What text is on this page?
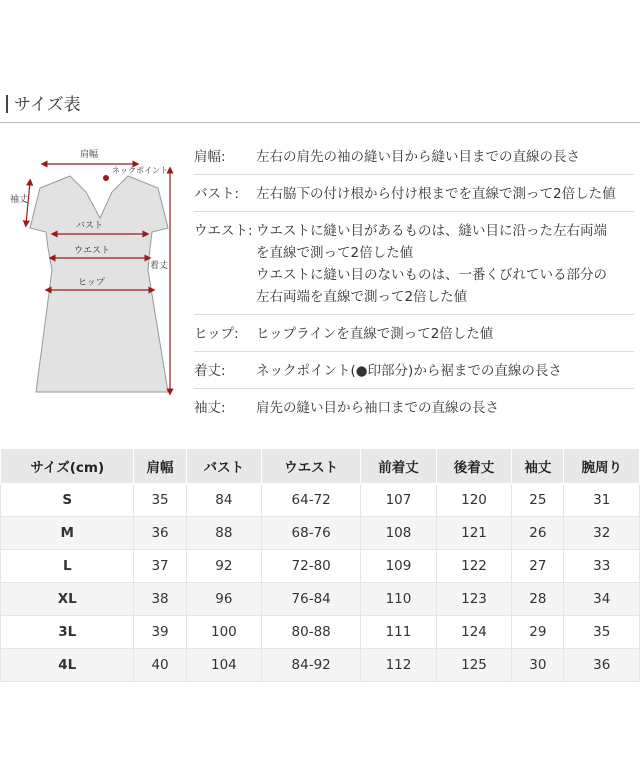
サイズ表
肩幅
ネックポイント
袖丈
バスト
ウエスト
ヒップ
着丈
肩幅:	左右の肩先の袖の縫い目から縫い目までの直線の長さ
バスト:	左右脇下の付け根から付け根までを直線で測って2倍した値
ウエスト: ウエストに縫い目があるものは、縫い目に沿った左右両端
を直線で測って2倍した値
ウエストに縫い目のないものは、一番くびれている部分の
左右両端を直線で測って2倍した値
ヒップ:	ヒップラインを直線で測って2倍した値
着丈:	ネックポイント(●印部分)から裾までの直線の長さ
袖丈:	肩先の縫い目から袖口までの直線の長さ
サイズ(cm)	肩幅	バスト	ウエスト	前着丈	後着丈	袖丈	腕周り
S	35	84	64-72	107	120	25	31
M	36	88	68-76	108	121	26	32
L	37	92	72-80	109	122	27	33
XL	38	96	76-84	110	123	28	34
3L	39	100	80-88	111	124	29	35
4L	40	104	84-92	112	125	30	36
